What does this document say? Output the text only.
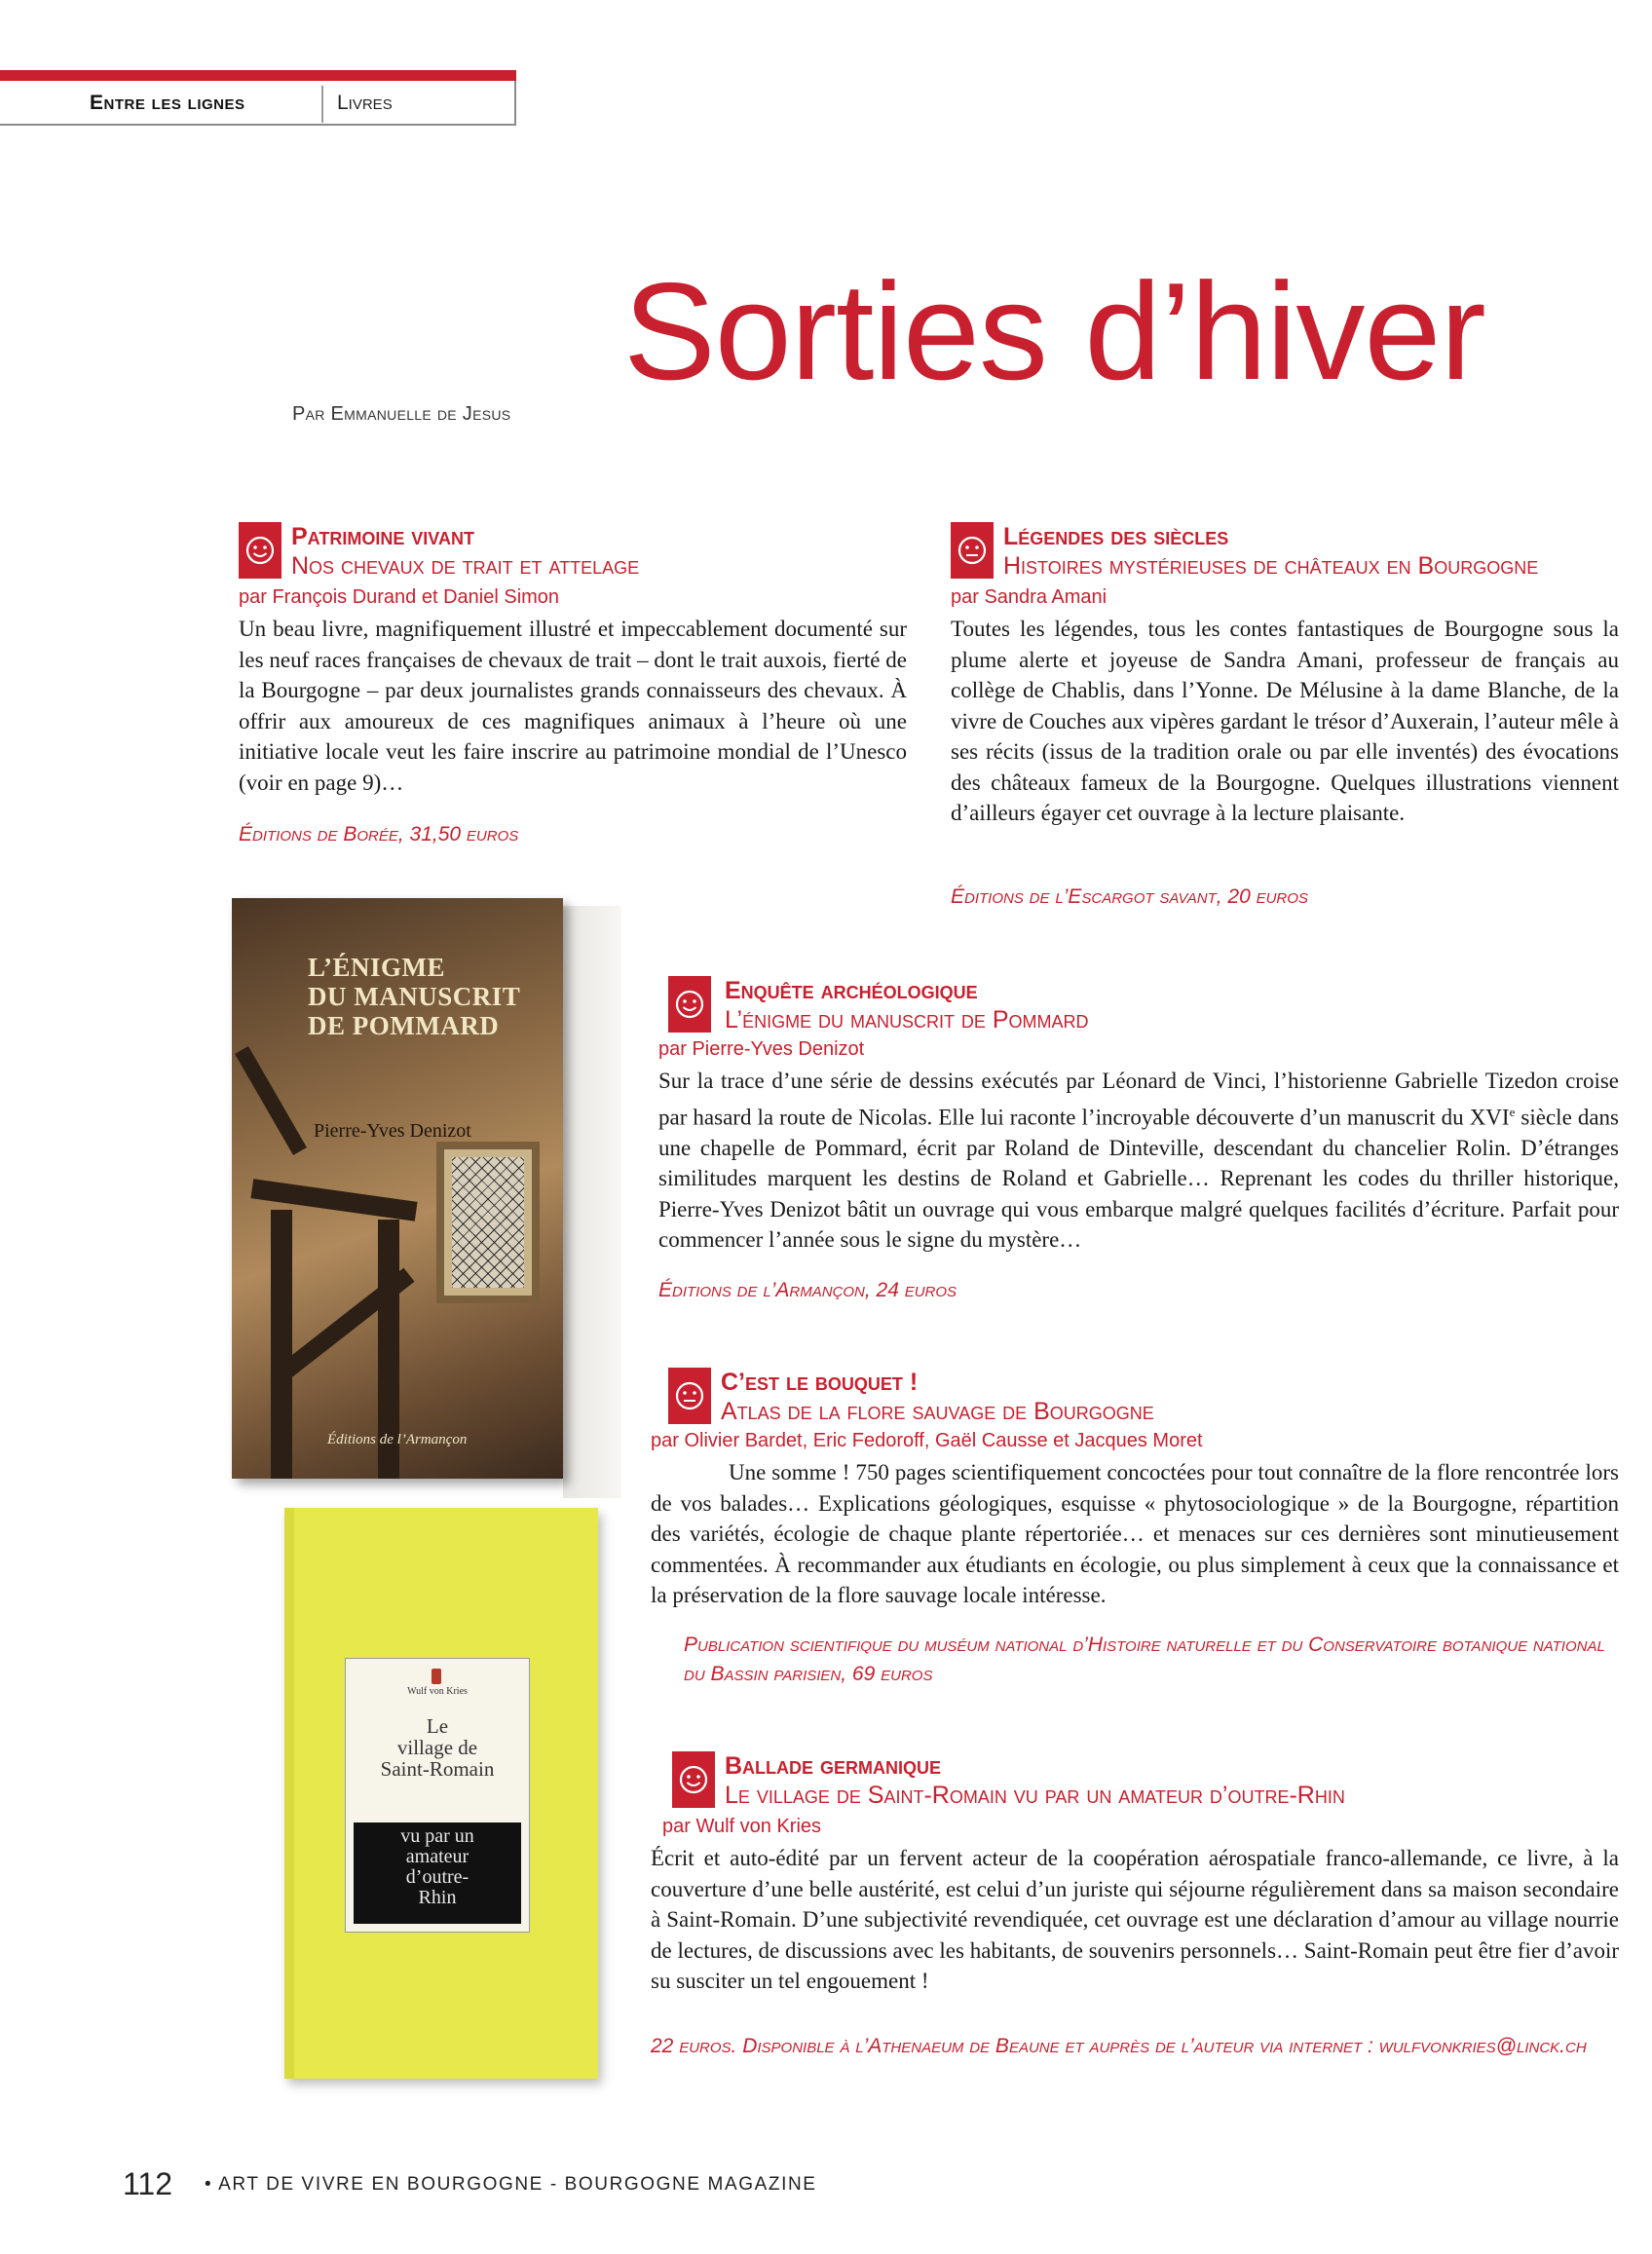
Entre les lignes	Livres
Sorties d’hiver
Par Emmanuelle de Jesus
Patrimoine vivant
Nos chevaux de trait et attelage
par François Durand et Daniel Simon
Un beau livre, magnifiquement illustré et impeccablement documenté sur les neuf races françaises de chevaux de trait – dont le trait auxois, fierté de la Bourgogne – par deux journalistes grands connaisseurs des chevaux. À offrir aux amoureux de ces magnifiques animaux à l’heure où une initiative locale veut les faire inscrire au patrimoine mondial de l’Unesco (voir en page 9)…
Éditions de Borée, 31,50 euros
Légendes des siècles
Histoires mystérieuses de châteaux en Bourgogne
par Sandra Amani
Toutes les légendes, tous les contes fantastiques de Bourgogne sous la plume alerte et joyeuse de Sandra Amani, professeur de français au collège de Chablis, dans l’Yonne. De Mélusine à la dame Blanche, de la vivre de Couches aux vipères gardant le trésor d’Auxerain, l’auteur mêle à ses récits (issus de la tradition orale ou par elle inventés) des évocations des châteaux fameux de la Bourgogne. Quelques illustrations viennent d’ailleurs égayer cet ouvrage à la lecture plaisante.
Éditions de l’Escargot savant, 20 euros
L’ÉNIGME
DU MANUSCRIT
DE POMMARD
Pierre-Yves Denizot
Éditions de l’Armançon
Enquête archéologique
L’énigme du manuscrit de Pommard
par Pierre-Yves Denizot
Sur la trace d’une série de dessins exécutés par Léonard de Vinci, l’historienne Gabrielle Tizedon croise par hasard la route de Nicolas. Elle lui raconte l’incroyable découverte d’un manuscrit du XVIe siècle dans une chapelle de Pommard, écrit par Roland de Dinteville, descendant du chancelier Rolin. D’étranges similitudes marquent les destins de Roland et Gabrielle… Reprenant les codes du thriller historique, Pierre-Yves Denizot bâtit un ouvrage qui vous embarque malgré quelques facilités d’écriture. Parfait pour commencer l’année sous le signe du mystère…
Éditions de l’Armançon, 24 euros
C’est le bouquet !
Atlas de la flore sauvage de Bourgogne
par Olivier Bardet, Eric Fedoroff, Gaël Causse et Jacques Moret
Une somme ! 750 pages scientifiquement concoctées pour tout connaître de la flore rencontrée lors de vos balades… Explications géologiques, esquisse « phytosociologique » de la Bourgogne, répartition des variétés, écologie de chaque plante répertoriée… et menaces sur ces dernières sont minutieusement commentées. À recommander aux étudiants en écologie, ou plus simplement à ceux que la connaissance et la préservation de la flore sauvage locale intéresse.
Publication scientifique du muséum national d’Histoire naturelle et du Conservatoire botanique national du Bassin parisien, 69 euros
Wulf von Kries
Le
village de
Saint-Romain
vu par un
amateur
d’outre-
Rhin
Ballade germanique
Le village de Saint-Romain vu par un amateur d’outre-Rhin
par Wulf von Kries
Écrit et auto-édité par un fervent acteur de la coopération aérospatiale franco-allemande, ce livre, à la couverture d’une belle austérité, est celui d’un juriste qui séjourne régulièrement dans sa maison secondaire à Saint-Romain. D’une subjectivité revendiquée, cet ouvrage est une déclaration d’amour au village nourrie de lectures, de discussions avec les habitants, de souvenirs personnels… Saint-Romain peut être fier d’avoir su susciter un tel engouement !
22 euros. Disponible à l’Athenaeum de Beaune et auprès de l’auteur via internet : wulfvonkries@linck.ch
112 • ART DE VIVRE EN BOURGOGNE - BOURGOGNE MAGAZINE
